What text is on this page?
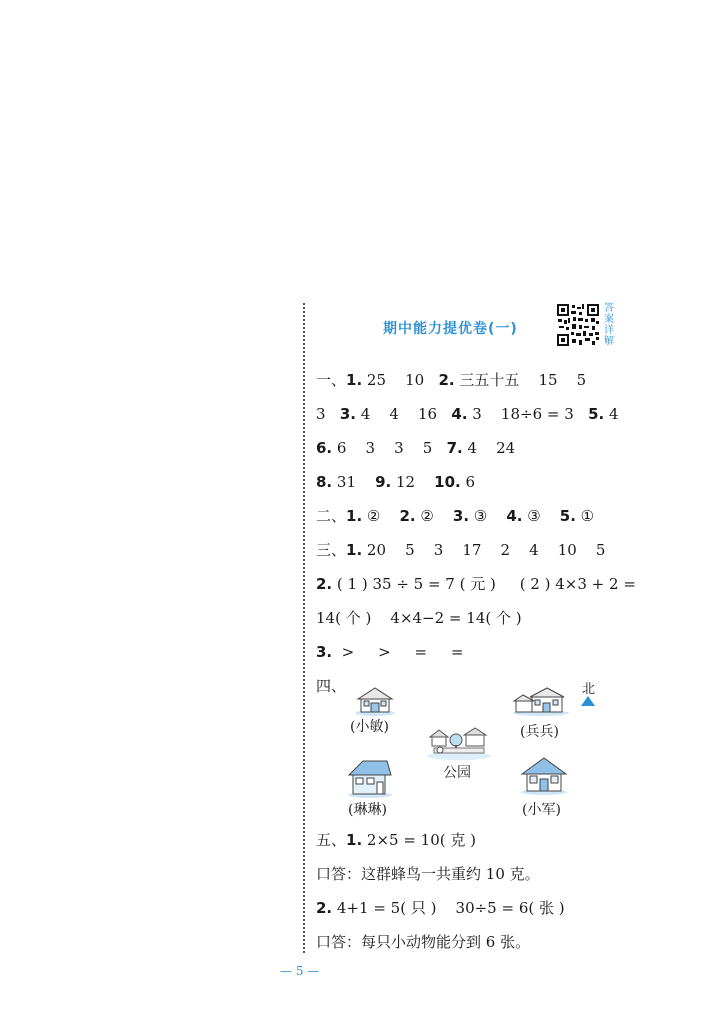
期中能力提优卷(一)
答案详解
一、1. 25    10   2. 三五十五    15    5
3   3. 4    4    16   4. 3    18÷6 = 3   5. 4
6. 6    3    3    5   7. 4    24
8. 31    9. 12    10. 6
二、1. ②    2. ②    3. ③    4. ③    5. ①
三、1. 20    5    3    17    2    4    10    5
2. ( 1 ) 35 ÷ 5 = 7 ( 元 )     ( 2 ) 4×3 + 2 =
14( 个 )    4×4−2 = 14( 个 )
3.  >     >     =     =
四、
(小敏)	(兵兵)
北
公园
(琳琳)	(小军)
五、1. 2×5 = 10( 克 )
口答：这群蜂鸟一共重约 10 克。
2. 4+1 = 5( 只 )    30÷5 = 6( 张 )
口答：每只小动物能分到 6 张。
— 5 —
